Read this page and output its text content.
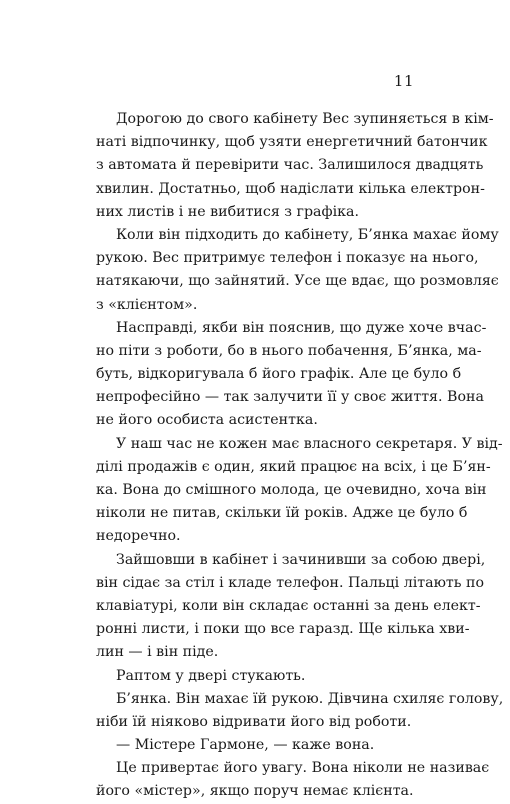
11
Дорогою до свого кабінету Вес зупиняється в кім-
наті відпочинку, щоб узяти енергетичний батончик
з автомата й перевірити час. Залишилося двадцять
хвилин. Достатньо, щоб надіслати кілька електрон-
них листів і не вибитися з графіка.
Коли він підходить до кабінету, Б’янка махає йому
рукою. Вес притримує телефон і показує на нього,
натякаючи, що зайнятий. Усе ще вдає, що розмовляє
з «клієнтом».
Насправді, якби він пояснив, що дуже хоче вчас-
но піти з роботи, бо в нього побачення, Б’янка, ма-
буть, відкоригувала б його графік. Але це було б
непрофесійно — так залучити її у своє життя. Вона
не його особиста асистентка.
У наш час не кожен має власного секретаря. У від-
ділі продажів є один, який працює на всіх, і це Б’ян-
ка. Вона до смішного молода, це очевидно, хоча він
ніколи не питав, скільки їй років. Адже це було б
недоречно.
Зайшовши в кабінет і зачинивши за собою двері,
він сідає за стіл і кладе телефон. Пальці літають по
клавіатурі, коли він складає останні за день елект-
ронні листи, і поки що все гаразд. Ще кілька хви-
лин — і він піде.
Раптом у двері стукають.
Б’янка. Він махає їй рукою. Дівчина схиляє голову,
ніби їй ніяково відривати його від роботи.
— Містере Гармоне, — каже вона.
Це привертає його увагу. Вона ніколи не називає
його «містер», якщо поруч немає клієнта.
